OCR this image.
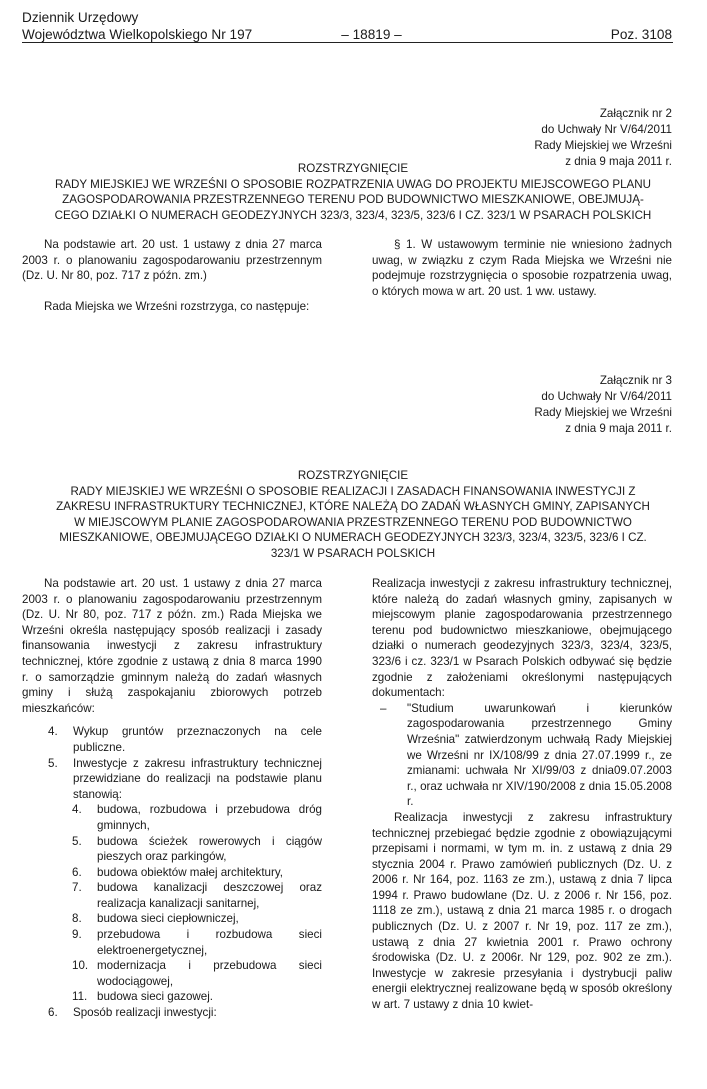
Dziennik Urzędowy
Województwa Wielkopolskiego Nr 197	– 18819 –	Poz. 3108
Załącznik nr 2
do Uchwały Nr V/64/2011
Rady Miejskiej we Wrześni
z dnia 9 maja 2011 r.
ROZSTRZYGNIĘCIE
RADY MIEJSKIEJ WE WRZEŚNI O SPOSOBIE ROZPATRZENIA UWAG DO PROJEKTU MIEJSCOWEGO PLANU
ZAGOSPODAROWANIA PRZESTRZENNEGO TERENU POD BUDOWNICTWO MIESZKANIOWE, OBEJMUJĄ-
CEGO DZIAŁKI O NUMERACH GEODEZYJNYCH 323/3, 323/4, 323/5, 323/6 I CZ. 323/1 W PSARACH POLSKICH

Na podstawie art. 20 ust. 1 ustawy z dnia 27 marca 2003 r. o planowaniu zagospodarowaniu przestrzennym (Dz. U. Nr 80, poz. 717 z późn. zm.)

Rada Miejska we Wrześni rozstrzyga, co następuje:

§ 1. W ustawowym terminie nie wniesiono żadnych uwag, w związku z czym Rada Miejska we Wrześni nie podejmuje rozstrzygnięcia o sposobie rozpatrzenia uwag, o których mowa w art. 20 ust. 1 ww. ustawy.

Załącznik nr 3
do Uchwały Nr V/64/2011
Rady Miejskiej we Wrześni
z dnia 9 maja 2011 r.
ROZSTRZYGNIĘCIE
RADY MIEJSKIEJ WE WRZEŚNI O SPOSOBIE REALIZACJI I ZASADACH FINANSOWANIA INWESTYCJI Z
ZAKRESU INFRASTRUKTURY TECHNICZNEJ, KTÓRE NALEŻĄ DO ZADAŃ WŁASNYCH GMINY, ZAPISANYCH
W MIEJSCOWYM PLANIE ZAGOSPODAROWANIA PRZESTRZENNEGO TERENU POD BUDOWNICTWO
MIESZKANIOWE, OBEJMUJĄCEGO DZIAŁKI O NUMERACH GEODEZYJNYCH 323/3, 323/4, 323/5, 323/6 I CZ.
323/1 W PSARACH POLSKICH

Na podstawie art. 20 ust. 1 ustawy z dnia 27 marca 2003 r. o planowaniu zagospodarowaniu przestrzennym (Dz. U. Nr 80, poz. 717 z późn. zm.) Rada Miejska we Wrześni określa następujący sposób realizacji i zasady finansowania inwestycji z zakresu infrastruktury technicznej, które zgodnie z ustawą z dnia 8 marca 1990 r. o samorządzie gminnym należą do zadań własnych gminy i służą zaspokajaniu zbiorowych potrzeb mieszkańców:

4.	Wykup gruntów przeznaczonych na cele publiczne.
5.	Inwestycje z zakresu infrastruktury technicznej przewidziane do realizacji na podstawie planu stanowią:
4.	budowa, rozbudowa i przebudowa dróg gminnych,
5.	budowa ścieżek rowerowych i ciągów pieszych oraz parkingów,
6.	budowa obiektów małej architektury,
7.	budowa kanalizacji deszczowej oraz realizacja kanalizacji sanitarnej,
8.	budowa sieci ciepłowniczej,
9.	przebudowa i rozbudowa sieci elektroenergetycznej,
10. modernizacja i przebudowa sieci wodociągowej,
11. budowa sieci gazowej.
6.	Sposób realizacji inwestycji:

Realizacja inwestycji z zakresu infrastruktury technicznej, które należą do zadań własnych gminy, zapisanych w miejscowym planie zagospodarowania przestrzennego terenu pod budownictwo mieszkaniowe, obejmującego działki o numerach geodezyjnych 323/3, 323/4, 323/5, 323/6 i cz. 323/1 w Psarach Polskich odbywać się będzie zgodnie z założeniami określonymi następujących dokumentach:

–	"Studium uwarunkowań i kierunków zagospodarowania przestrzennego Gminy Września" zatwierdzonym uchwałą Rady Miejskiej we Wrześni nr IX/108/99 z dnia 27.07.1999 r., ze zmianami: uchwała Nr XI/99/03 z dnia09.07.2003 r., oraz uchwała nr XIV/190/2008 z dnia 15.05.2008 r.

Realizacja inwestycji z zakresu infrastruktury technicznej przebiegać będzie zgodnie z obowiązującymi przepisami i normami, w tym m. in. z ustawą z dnia 29 stycznia 2004 r. Prawo zamówień publicznych (Dz. U. z 2006 r. Nr 164, poz. 1163 ze zm.), ustawą z dnia 7 lipca 1994 r. Prawo budowlane (Dz. U. z 2006 r. Nr 156, poz. 1118 ze zm.), ustawą z dnia 21 marca 1985 r. o drogach publicznych (Dz. U. z 2007 r. Nr 19, poz. 117 ze zm.), ustawą z dnia 27 kwietnia 2001 r. Prawo ochrony środowiska (Dz. U. z 2006r. Nr 129, poz. 902 ze zm.). Inwestycje w zakresie przesyłania i dystrybucji paliw energii elektrycznej realizowane będą w sposób określony w art. 7 ustawy z dnia 10 kwiet-
